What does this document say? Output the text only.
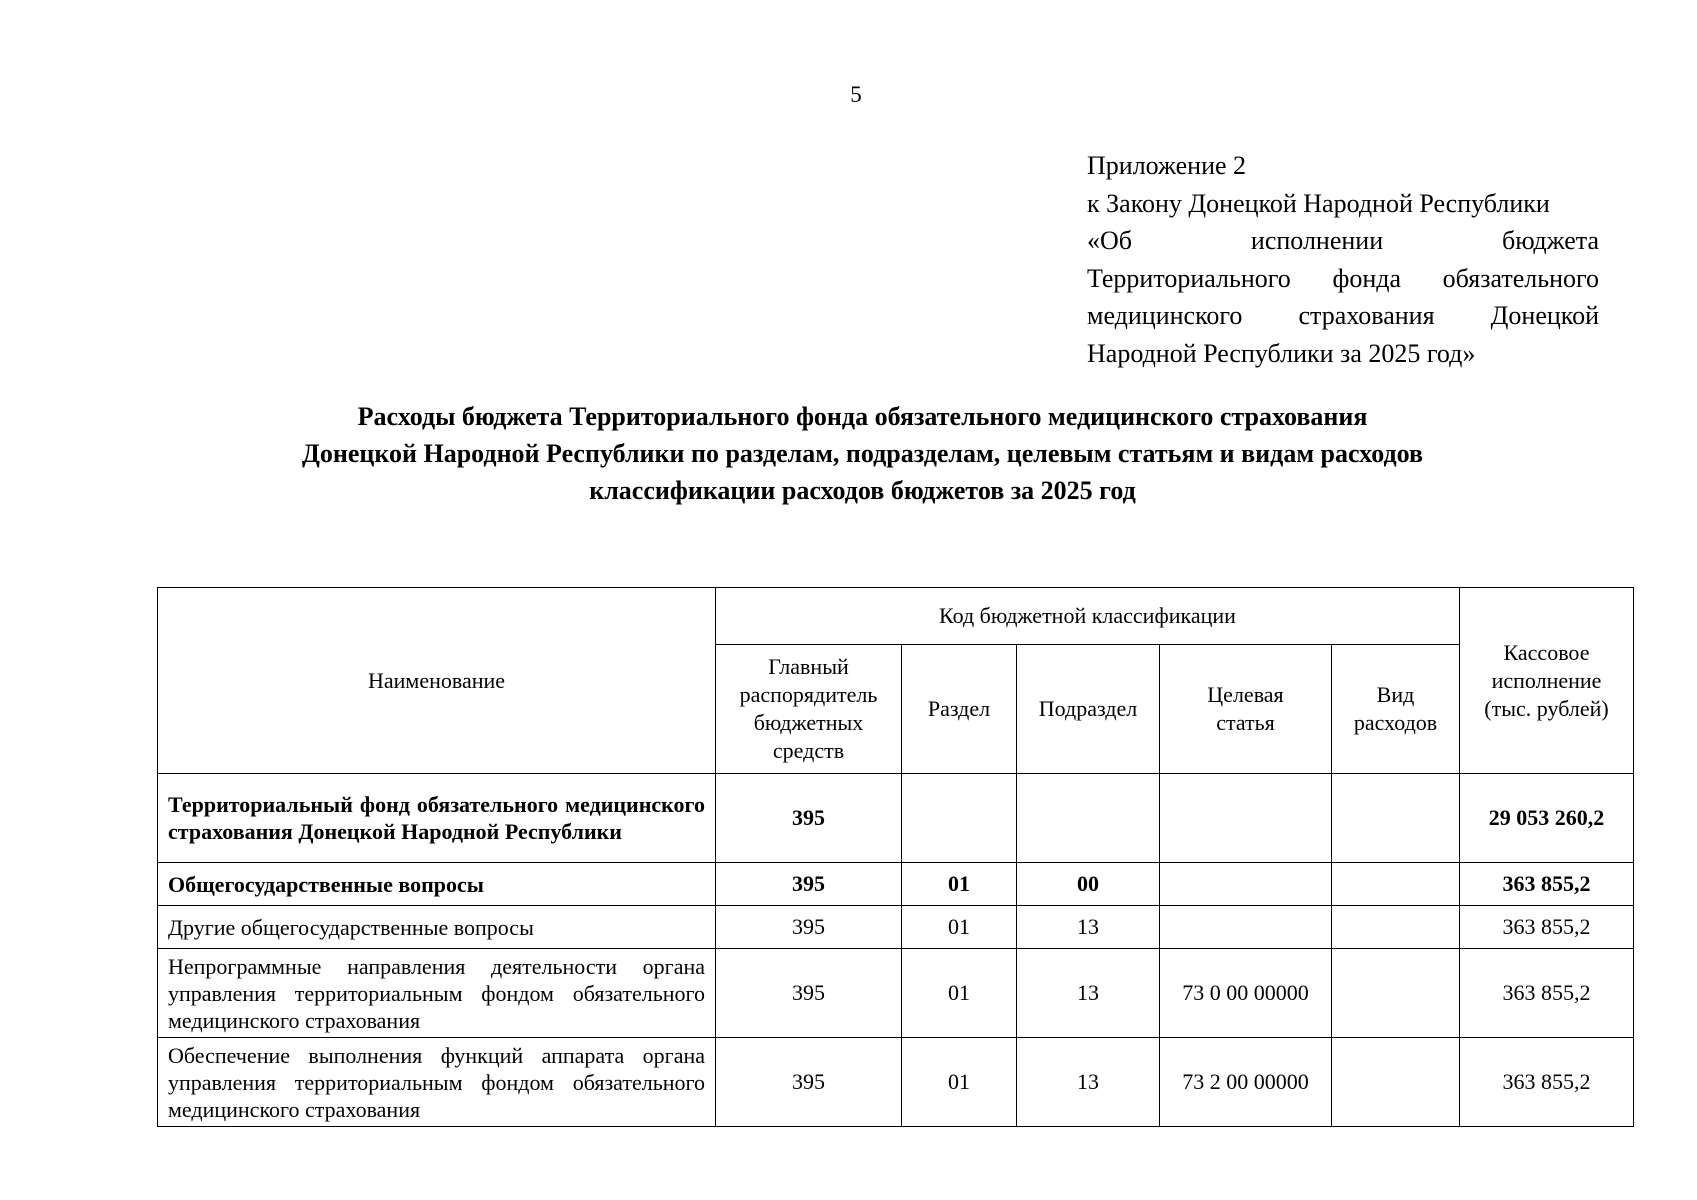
5
Приложение 2
к Закону Донецкой Народной Республики
«Об исполнении бюджета
Территориального фонда обязательного
медицинского страхования Донецкой
Народной Республики за 2025 год»
Расходы бюджета Территориального фонда обязательного медицинского страхования
Донецкой Народной Республики по разделам, подразделам, целевым статьям и видам расходов
классификации расходов бюджетов за 2025 год
Наименование	Код бюджетной классификации					Кассовое исполнение (тыс. рублей)
	Главный распорядитель бюджетных средств	Раздел	Подраздел	Целевая статья	Вид расходов	
Территориальный фонд обязательного медицинского страхования Донецкой Народной Республики	395					29 053 260,2
Общегосударственные вопросы	395	01	00			363 855,2
Другие общегосударственные вопросы	395	01	13			363 855,2
Непрограммные направления деятельности органа управления территориальным фондом обязательного медицинского страхования	395	01	13	73 0 00 00000		363 855,2
Обеспечение выполнения функций аппарата органа управления территориальным фондом обязательного медицинского страхования	395	01	13	73 2 00 00000		363 855,2
